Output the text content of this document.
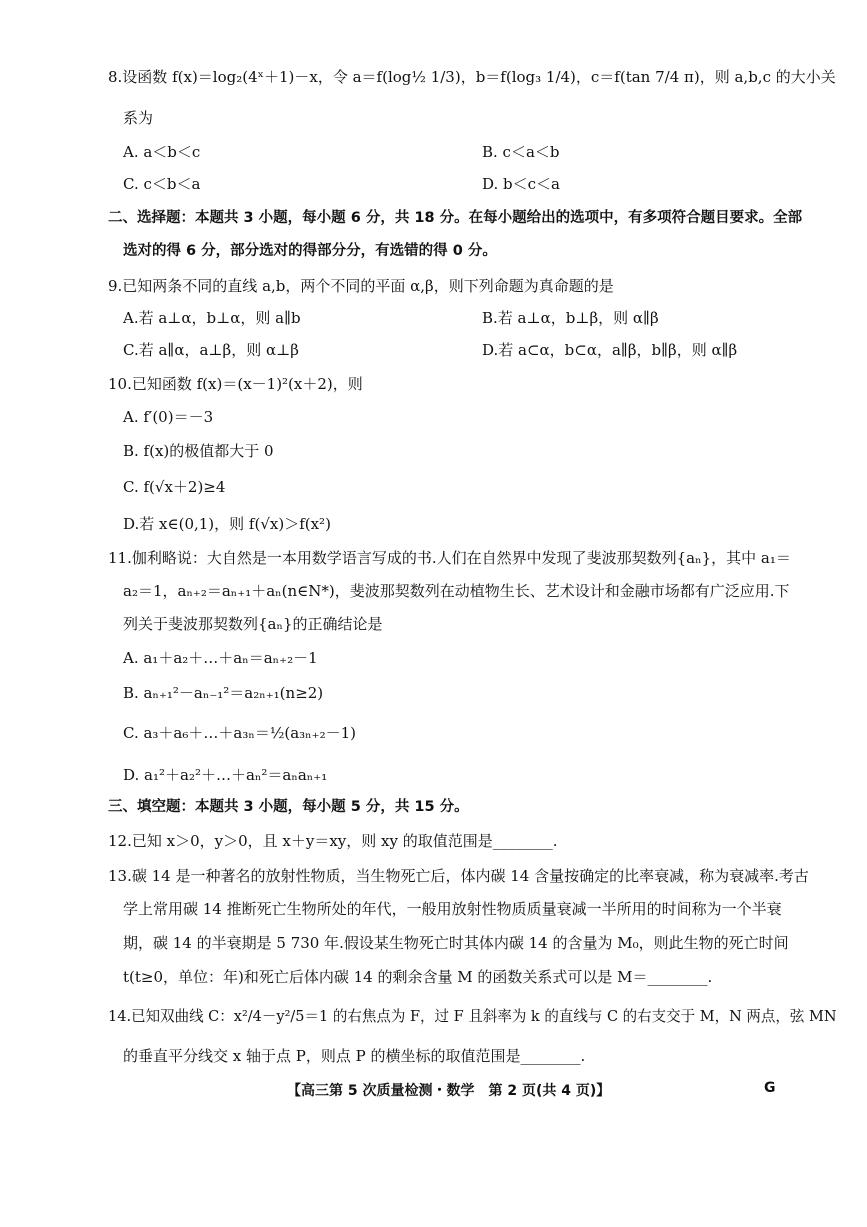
8.设函数 f(x)＝log₂(4ˣ＋1)－x，令 a＝f(log½ 1/3)，b＝f(log₃ 1/4)，c＝f(tan 7/4 π)，则 a,b,c 的大小关
系为
A. a＜b＜c	B. c＜a＜b
C. c＜b＜a	D. b＜c＜a
二、选择题：本题共 3 小题，每小题 6 分，共 18 分。在每小题给出的选项中，有多项符合题目要求。全部
选对的得 6 分，部分选对的得部分分，有选错的得 0 分。
9.已知两条不同的直线 a,b，两个不同的平面 α,β，则下列命题为真命题的是
A.若 a⊥α，b⊥α，则 a∥b	B.若 a⊥α，b⊥β，则 α∥β
C.若 a∥α，a⊥β，则 α⊥β	D.若 a⊂α，b⊂α，a∥β，b∥β，则 α∥β
10.已知函数 f(x)＝(x－1)²(x＋2)，则
A. f′(0)＝－3
B. f(x)的极值都大于 0
C. f(√x＋2)≥4
D.若 x∈(0,1)，则 f(√x)＞f(x²)
11.伽利略说：大自然是一本用数学语言写成的书.人们在自然界中发现了斐波那契数列{aₙ}，其中 a₁＝
a₂＝1，aₙ₊₂＝aₙ₊₁＋aₙ(n∈N*)，斐波那契数列在动植物生长、艺术设计和金融市场都有广泛应用.下
列关于斐波那契数列{aₙ}的正确结论是
A. a₁＋a₂＋…＋aₙ＝aₙ₊₂－1
B. aₙ₊₁²－aₙ₋₁²＝a₂ₙ₊₁(n≥2)
C. a₃＋a₆＋…＋a₃ₙ＝½(a₃ₙ₊₂－1)
D. a₁²＋a₂²＋…＋aₙ²＝aₙaₙ₊₁
三、填空题：本题共 3 小题，每小题 5 分，共 15 分。
12.已知 x＞0，y＞0，且 x＋y＝xy，则 xy 的取值范围是________.
13.碳 14 是一种著名的放射性物质，当生物死亡后，体内碳 14 含量按确定的比率衰减，称为衰减率.考古
学上常用碳 14 推断死亡生物所处的年代，一般用放射性物质质量衰减一半所用的时间称为一个半衰
期，碳 14 的半衰期是 5 730 年.假设某生物死亡时其体内碳 14 的含量为 M₀，则此生物的死亡时间
t(t≥0，单位：年)和死亡后体内碳 14 的剩余含量 M 的函数关系式可以是 M＝________.
14.已知双曲线 C：x²/4－y²/5＝1 的右焦点为 F，过 F 且斜率为 k 的直线与 C 的右支交于 M，N 两点，弦 MN
的垂直平分线交 x 轴于点 P，则点 P 的横坐标的取值范围是________.
【高三第 5 次质量检测・数学　第 2 页(共 4 页)】	G
